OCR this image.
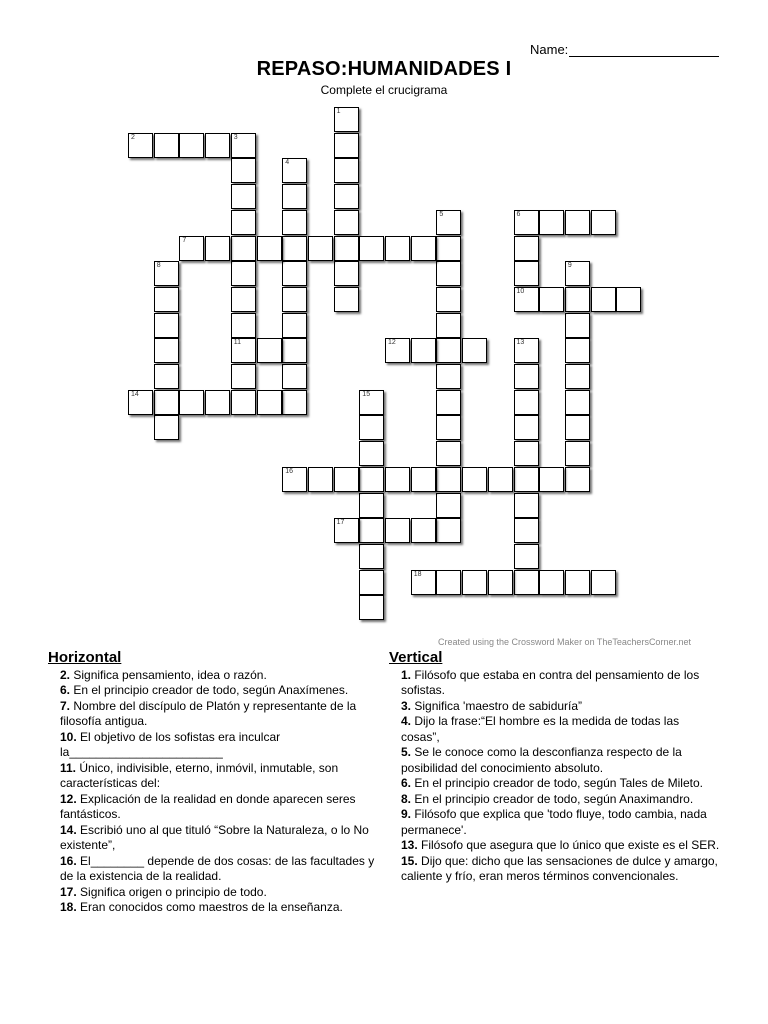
Name:
REPASO:HUMANIDADES I
Complete el crucigrama
1
2	3
11
4
5	6
7
8	9
10
12	13
14	15
16
17
18
Created using the Crossword Maker on TheTeachersCorner.net
Horizontal
2. Significa pensamiento, idea o razón.
6. En el principio creador de todo, según Anaxímenes.
7. Nombre del discípulo de Platón y representante de la filosofía antigua.
10. El objetivo de los sofistas era inculcar la_______________________
11. Único, indivisible, eterno, inmóvil, inmutable, son características del:
12. Explicación de la realidad en donde aparecen seres fantásticos.
14. Escribió uno al que tituló “Sobre la Naturaleza, o lo No existente”,
16. El________ depende de dos cosas: de las facultades y de la existencia de la realidad.
17. Significa origen o principio de todo.
18. Eran conocidos como maestros de la enseñanza.
Vertical
1. Filósofo que estaba en contra del pensamiento de los sofistas.
3. Significa 'maestro de sabiduría”
4. Dijo la frase:“El hombre es la medida de todas las cosas”,
5. Se le conoce como la desconfianza respecto de la posibilidad del conocimiento absoluto.
6. En el principio creador de todo, según Tales de Mileto.
8. En el principio creador de todo, según Anaximandro.
9. Filósofo que explica que 'todo fluye, todo cambia, nada permanece'.
13. Filósofo que asegura que lo único que existe es el SER.
15. Dijo que: dicho que las sensaciones de dulce y amargo, caliente y frío, eran meros términos convencionales.
